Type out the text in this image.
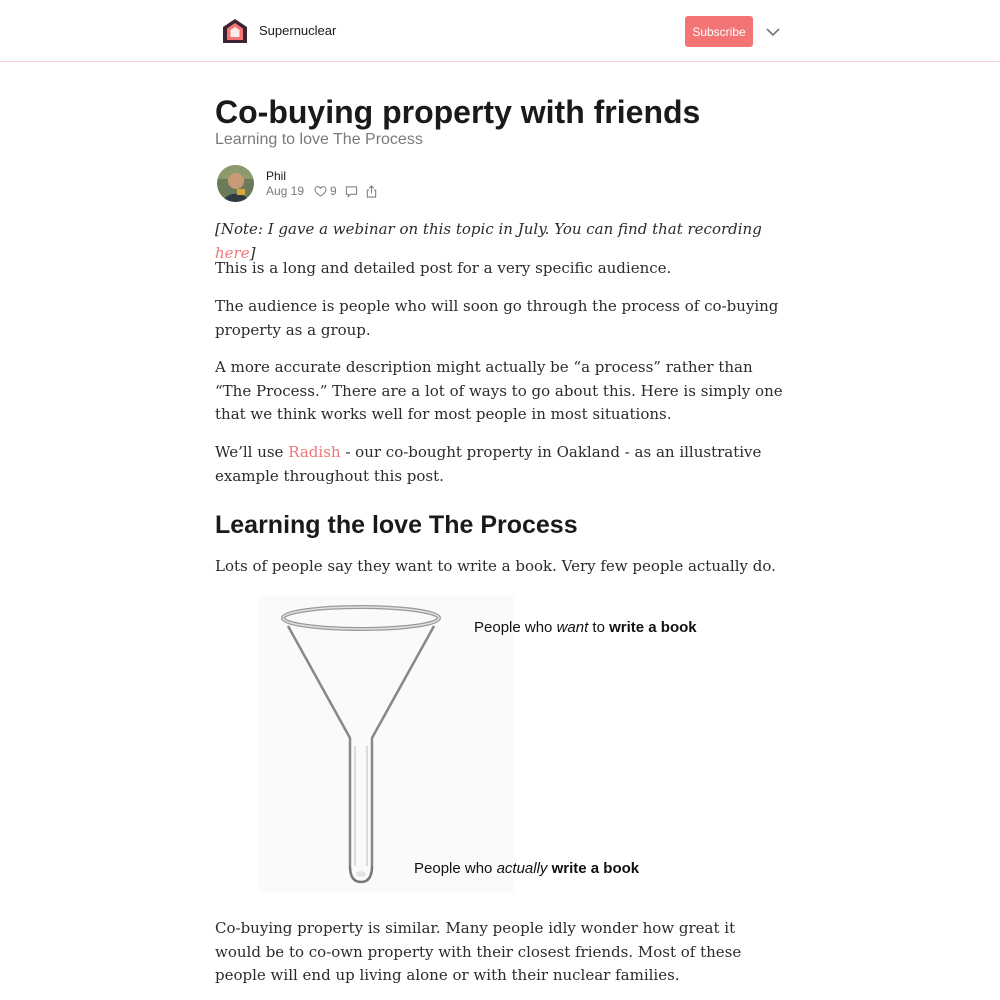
Supernuclear	Subscribe
Co-buying property with friends
Learning to love The Process
Phil
Aug 19 9

[Note: I gave a webinar on this topic in July. You can find that recording here]

This is a long and detailed post for a very specific audience.

The audience is people who will soon go through the process of co-buying property as a group.

A more accurate description might actually be “a process” rather than “The Process.” There are a lot of ways to go about this. Here is simply one that we think works well for most people in most situations.

We’ll use Radish - our co-bought property in Oakland - as an illustrative example throughout this post.

Learning the love The Process

Lots of people say they want to write a book. Very few people actually do.

People who want to write a book
People who actually write a book

Co-buying property is similar. Many people idly wonder how great it would be to co-own property with their closest friends. Most of these people will end up living alone or with their nuclear families.
